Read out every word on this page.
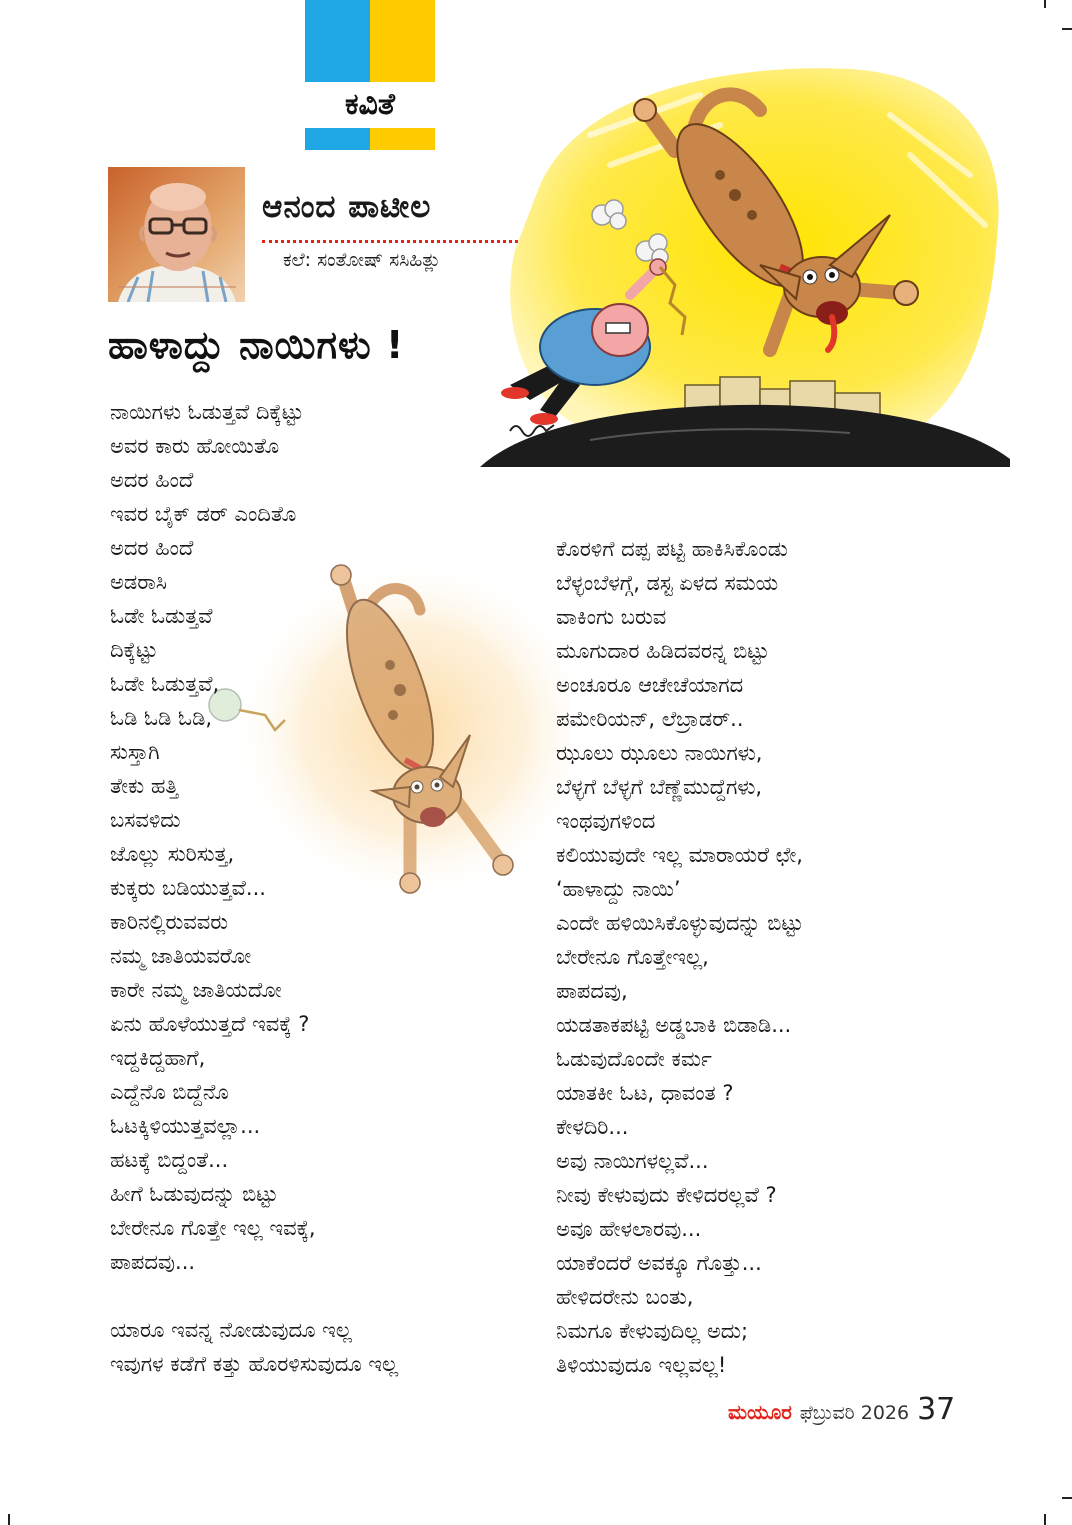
ಕವಿತೆ
ಆನಂದ ಪಾಟೀಲ
ಕಲೆ: ಸಂತೋಷ್ ಸಸಿಹಿತ್ಲು
ಹಾಳಾದ್ದು ನಾಯಿಗಳು !
ನಾಯಿಗಳು ಓಡುತ್ತವೆ ದಿಕ್ಕೆಟ್ಟು
ಅವರ ಕಾರು ಹೋಯಿತೊ
ಅದರ ಹಿಂದೆ
ಇವರ ಬೈಕ್ ಡರ್ ಎಂದಿತೊ
ಅದರ ಹಿಂದೆ
ಅಡರಾಸಿ
ಓಡೇ ಓಡುತ್ತವೆ
ದಿಕ್ಕೆಟ್ಟು
ಓಡೇ ಓಡುತ್ತವೆ,
ಓಡಿ ಓಡಿ ಓಡಿ,
ಸುಸ್ತಾಗಿ
ತೇಕು ಹತ್ತಿ
ಬಸವಳಿದು
ಜೊಲ್ಲು ಸುರಿಸುತ್ತ,
ಕುಕ್ಕರು ಬಡಿಯುತ್ತವೆ...
ಕಾರಿನಲ್ಲಿರುವವರು
ನಮ್ಮ ಜಾತಿಯವರೋ
ಕಾರೇ ನಮ್ಮ ಜಾತಿಯದೋ
ಏನು ಹೊಳೆಯುತ್ತದೆ ಇವಕ್ಕೆ ?
ಇದ್ದಕಿದ್ದಹಾಗೆ,
ಎದ್ದೆನೊ ಬಿದ್ದೆನೊ
ಓಟಕ್ಕಿಳಿಯುತ್ತವಲ್ಲಾ...
ಹಟಕ್ಕೆ ಬಿದ್ದಂತೆ...
ಹೀಗೆ ಓಡುವುದನ್ನು ಬಿಟ್ಟು
ಬೇರೇನೂ ಗೊತ್ತೇ ಇಲ್ಲ ಇವಕ್ಕೆ,
ಪಾಪದವು...
ಯಾರೂ ಇವನ್ನ ನೋಡುವುದೂ ಇಲ್ಲ
ಇವುಗಳ ಕಡೆಗೆ ಕತ್ತು ಹೊರಳಿಸುವುದೂ ಇಲ್ಲ
ಕೊರಳಿಗೆ ದಪ್ಪ ಪಟ್ಟಿ ಹಾಕಿಸಿಕೊಂಡು
ಬೆಳ್ಳಂಬೆಳಗ್ಗೆ, ಡಸ್ಟ ಏಳದ ಸಮಯ
ವಾಕಿಂಗು ಬರುವ
ಮೂಗುದಾರ ಹಿಡಿದವರನ್ನ ಬಿಟ್ಟು
ಅಂಚೂರೂ ಆಚೇಚೆಯಾಗದ
ಪಮೇರಿಯನ್, ಲೆಬ್ರಾಡರ್..
ಝೂಲು ಝೂಲು ನಾಯಿಗಳು,
ಬೆಳ್ಳಗೆ ಬೆಳ್ಳಗೆ ಬೆಣ್ಣೆಮುದ್ದೆಗಳು,
ಇಂಥವುಗಳಿಂದ
ಕಲಿಯುವುದೇ ಇಲ್ಲ ಮಾರಾಯರೆ ಛೇ,
‘ಹಾಳಾದ್ದು ನಾಯಿ’
ಎಂದೇ ಹಳಿಯಿಸಿಕೊಳ್ಳುವುದನ್ನು ಬಿಟ್ಟು
ಬೇರೇನೂ ಗೊತ್ತೇಇಲ್ಲ,
ಪಾಪದವು,
ಯಡತಾಕಪಟ್ಟಿ ಅಡ್ಡಬಾಕಿ ಬಿಡಾಡಿ...
ಓಡುವುದೊಂದೇ ಕರ್ಮ
ಯಾತಕೀ ಓಟ, ಧಾವಂತ ?
ಕೇಳದಿರಿ...
ಅವು ನಾಯಿಗಳಲ್ಲವೆ...
ನೀವು ಕೇಳುವುದು ಕೇಳಿದರಲ್ಲವೆ ?
ಅವೂ ಹೇಳಲಾರವು...
ಯಾಕೆಂದರೆ ಅವಕ್ಕೂ ಗೊತ್ತು...
ಹೇಳಿದರೇನು ಬಂತು,
ನಿಮಗೂ ಕೇಳುವುದಿಲ್ಲ ಅದು;
ತಿಳಿಯುವುದೂ ಇಲ್ಲವಲ್ಲ!
ಮಯೂರ ಫೆಬ್ರುವರಿ 2026 37
